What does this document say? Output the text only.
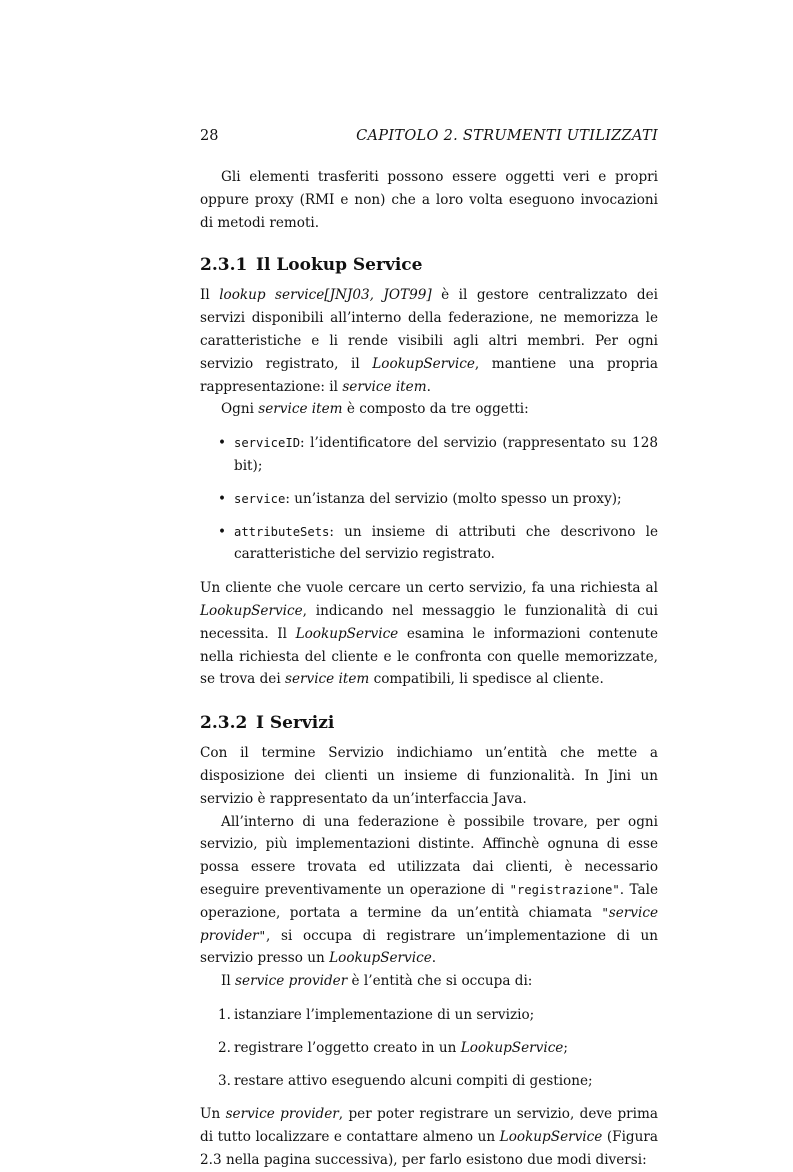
28	CAPITOLO 2. STRUMENTI UTILIZZATI

Gli elementi trasferiti possono essere oggetti veri e propri oppure proxy (RMI e non) che a loro volta eseguono invocazioni di metodi remoti.

2.3.1 Il Lookup Service

Il lookup service[JNJ03, JOT99] è il gestore centralizzato dei servizi disponibili all’interno della federazione, ne memorizza le caratteristiche e li rende visibili agli altri membri. Per ogni servizio registrato, il LookupService, mantiene una propria rappresentazione: il service item.

Ogni service item è composto da tre oggetti:

• serviceID: l’identificatore del servizio (rappresentato su 128 bit);
• service: un’istanza del servizio (molto spesso un proxy);
• attributeSets: un insieme di attributi che descrivono le caratteristiche del servizio registrato.

Un cliente che vuole cercare un certo servizio, fa una richiesta al LookupService, indicando nel messaggio le funzionalità di cui necessita. Il LookupService esamina le informazioni contenute nella richiesta del cliente e le confronta con quelle memorizzate, se trova dei service item compatibili, li spedisce al cliente.

2.3.2 I Servizi

Con il termine Servizio indichiamo un’entità che mette a disposizione dei clienti un insieme di funzionalità. In Jini un servizio è rappresentato da un’interfaccia Java.

All’interno di una federazione è possibile trovare, per ogni servizio, più implementazioni distinte. Affinchè ognuna di esse possa essere trovata ed utilizzata dai clienti, è necessario eseguire preventivamente un operazione di "registrazione". Tale operazione, portata a termine da un’entità chiamata "service provider", si occupa di registrare un’implementazione di un servizio presso un LookupService.

Il service provider è l’entità che si occupa di:

1. istanziare l’implementazione di un servizio;
2. registrare l’oggetto creato in un LookupService;
3. restare attivo eseguendo alcuni compiti di gestione;

Un service provider, per poter registrare un servizio, deve prima di tutto localizzare e contattare almeno un LookupService (Figura 2.3 nella pagina successiva), per farlo esistono due modi diversi:
